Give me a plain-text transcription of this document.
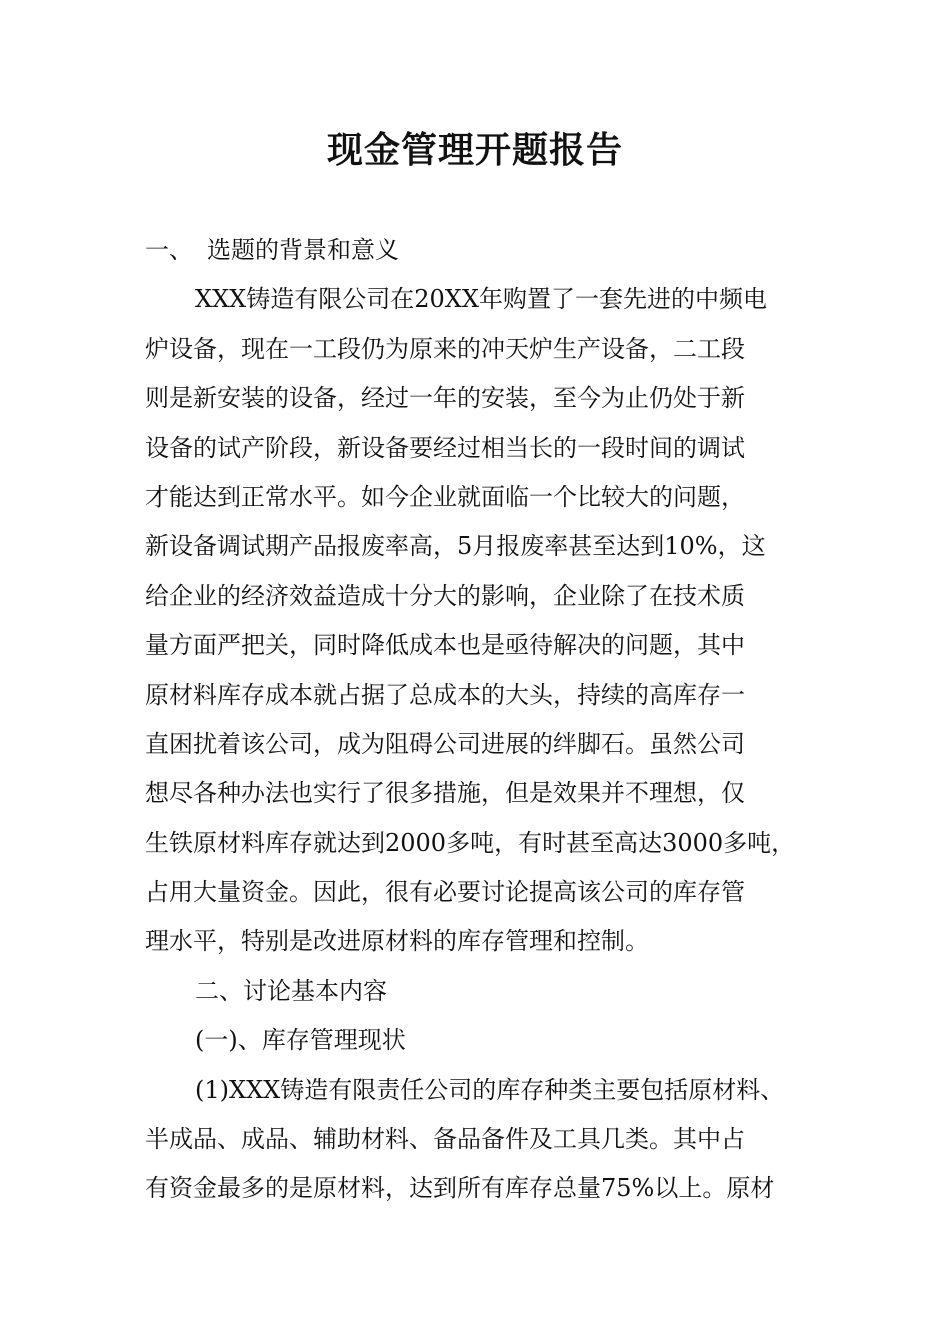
现金管理开题报告

一、 选题的背景和意义

XXX铸造有限公司在20XX年购置了一套先进的中频电

炉设备，现在一工段仍为原来的冲天炉生产设备，二工段

则是新安装的设备，经过一年的安装，至今为止仍处于新

设备的试产阶段，新设备要经过相当长的一段时间的调试

才能达到正常水平。如今企业就面临一个比较大的问题，

新设备调试期产品报废率高，5月报废率甚至达到10%，这

给企业的经济效益造成十分大的影响，企业除了在技术质

量方面严把关，同时降低成本也是亟待解决的问题，其中

原材料库存成本就占据了总成本的大头，持续的高库存一

直困扰着该公司，成为阻碍公司进展的绊脚石。虽然公司

想尽各种办法也实行了很多措施，但是效果并不理想，仅

生铁原材料库存就达到2000多吨，有时甚至高达3000多吨，

占用大量资金。因此，很有必要讨论提高该公司的库存管

理水平，特别是改进原材料的库存管理和控制。

二、讨论基本内容

(一)、库存管理现状

(1)XXX铸造有限责任公司的库存种类主要包括原材料、

半成品、成品、辅助材料、备品备件及工具几类。其中占

有资金最多的是原材料，达到所有库存总量75%以上。原材
